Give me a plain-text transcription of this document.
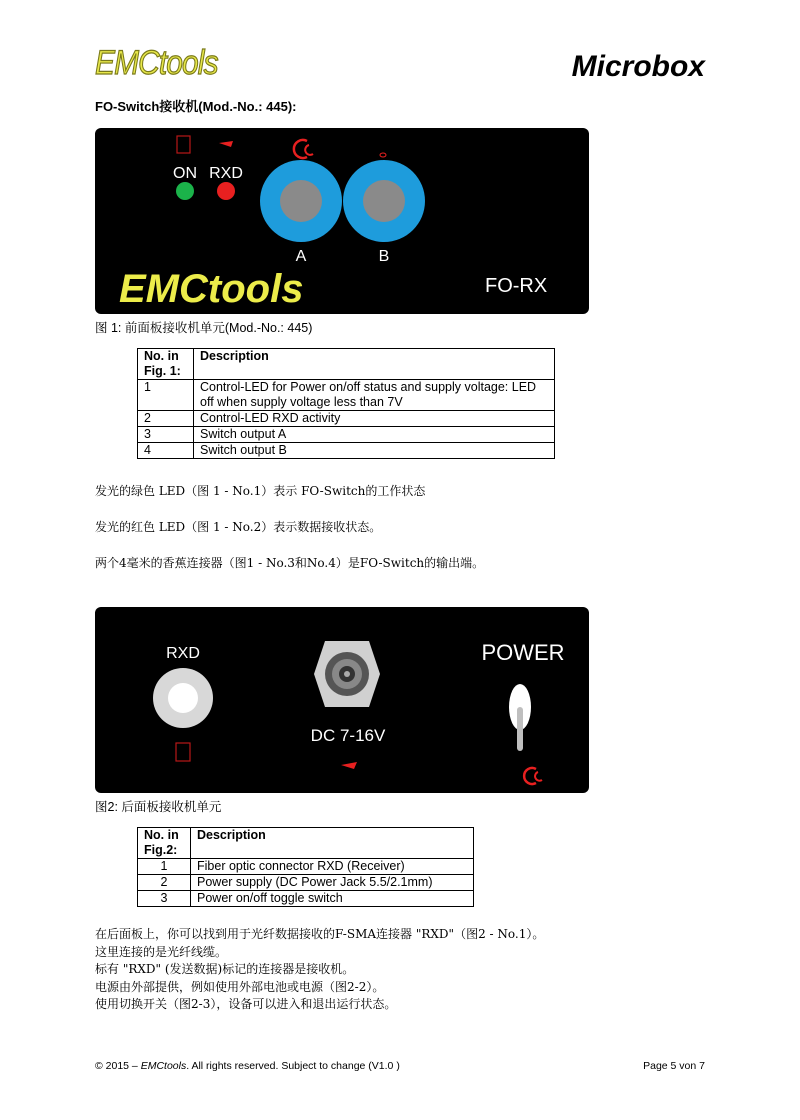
EMCtools	Microbox
FO-Switch接收机(Mod.-No.: 445):
ON RXD
A	B
EMCtools	FO-RX
图 1: 前面板接收机单元(Mod.-No.: 445)
No. in Fig. 1:	Description
1	Control-LED for Power on/off status and supply voltage: LED off when supply voltage less than 7V
2	Control-LED RXD activity
3	Switch output A
4	Switch output B
发光的绿色 LED（图 1 - No.1）表示 FO-Switch的工作状态
发光的红色 LED（图 1 - No.2）表示数据接收状态。
两个4毫米的香蕉连接器（图1 - No.3和No.4）是FO-Switch的输出端。
RXD
DC 7-16V
POWER
图2: 后面板接收机单元
No. in Fig.2:	Description
1	Fiber optic connector RXD (Receiver)
2	Power supply (DC Power Jack 5.5/2.1mm)
3	Power on/off toggle switch
在后面板上，你可以找到用于光纤数据接收的F-SMA连接器 "RXD"（图2 - No.1）。
这里连接的是光纤线缆。
标有 "RXD" (发送数据)标记的连接器是接收机。
电源由外部提供，例如使用外部电池或电源（图2-2）。
使用切换开关（图2-3），设备可以进入和退出运行状态。
© 2015 – EMCtools. All rights reserved. Subject to change (V1.0 )	Page 5 von 7
